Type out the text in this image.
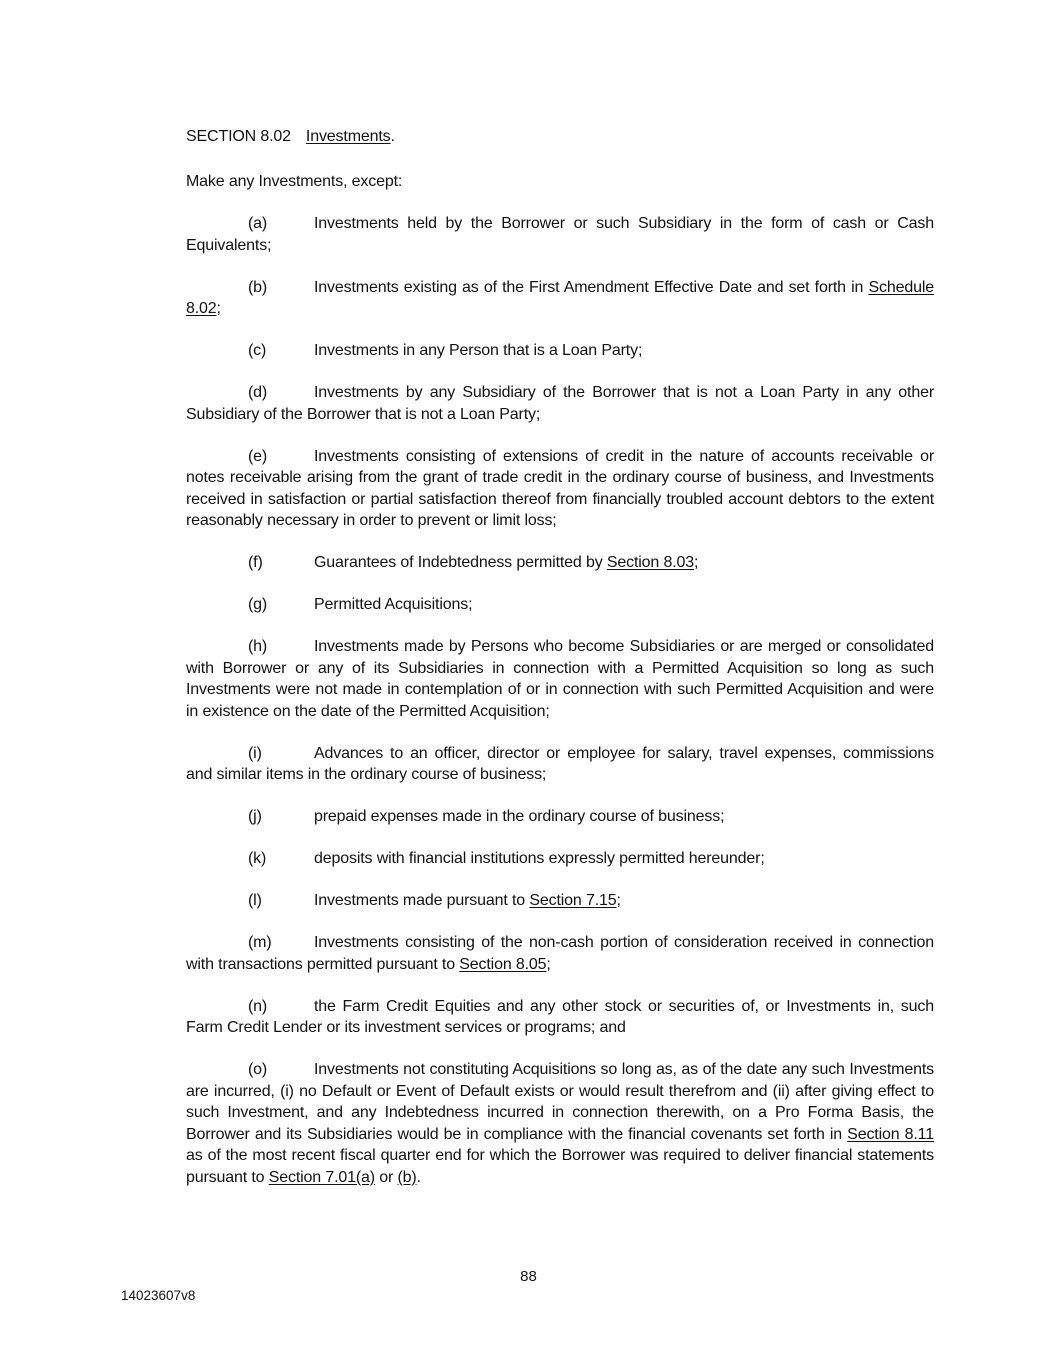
SECTION 8.02 Investments.

Make any Investments, except:

(a)	Investments held by the Borrower or such Subsidiary in the form of cash or Cash Equivalents;

(b)	Investments existing as of the First Amendment Effective Date and set forth in Schedule 8.02;

(c)	Investments in any Person that is a Loan Party;

(d)	Investments by any Subsidiary of the Borrower that is not a Loan Party in any other Subsidiary of the Borrower that is not a Loan Party;

(e)	Investments consisting of extensions of credit in the nature of accounts receivable or notes receivable arising from the grant of trade credit in the ordinary course of business, and Investments received in satisfaction or partial satisfaction thereof from financially troubled account debtors to the extent reasonably necessary in order to prevent or limit loss;

(f)	Guarantees of Indebtedness permitted by Section 8.03;

(g)	Permitted Acquisitions;

(h)	Investments made by Persons who become Subsidiaries or are merged or consolidated with Borrower or any of its Subsidiaries in connection with a Permitted Acquisition so long as such Investments were not made in contemplation of or in connection with such Permitted Acquisition and were in existence on the date of the Permitted Acquisition;

(i)	Advances to an officer, director or employee for salary, travel expenses, commissions and similar items in the ordinary course of business;

(j)	prepaid expenses made in the ordinary course of business;

(k)	deposits with financial institutions expressly permitted hereunder;

(l)	Investments made pursuant to Section 7.15;

(m)	Investments consisting of the non-cash portion of consideration received in connection with transactions permitted pursuant to Section 8.05;

(n)	the Farm Credit Equities and any other stock or securities of, or Investments in, such Farm Credit Lender or its investment services or programs; and

(o)	Investments not constituting Acquisitions so long as, as of the date any such Investments are incurred, (i) no Default or Event of Default exists or would result therefrom and (ii) after giving effect to such Investment, and any Indebtedness incurred in connection therewith, on a Pro Forma Basis, the Borrower and its Subsidiaries would be in compliance with the financial covenants set forth in Section 8.11 as of the most recent fiscal quarter end for which the Borrower was required to deliver financial statements pursuant to Section 7.01(a) or (b).

88
14023607v8
